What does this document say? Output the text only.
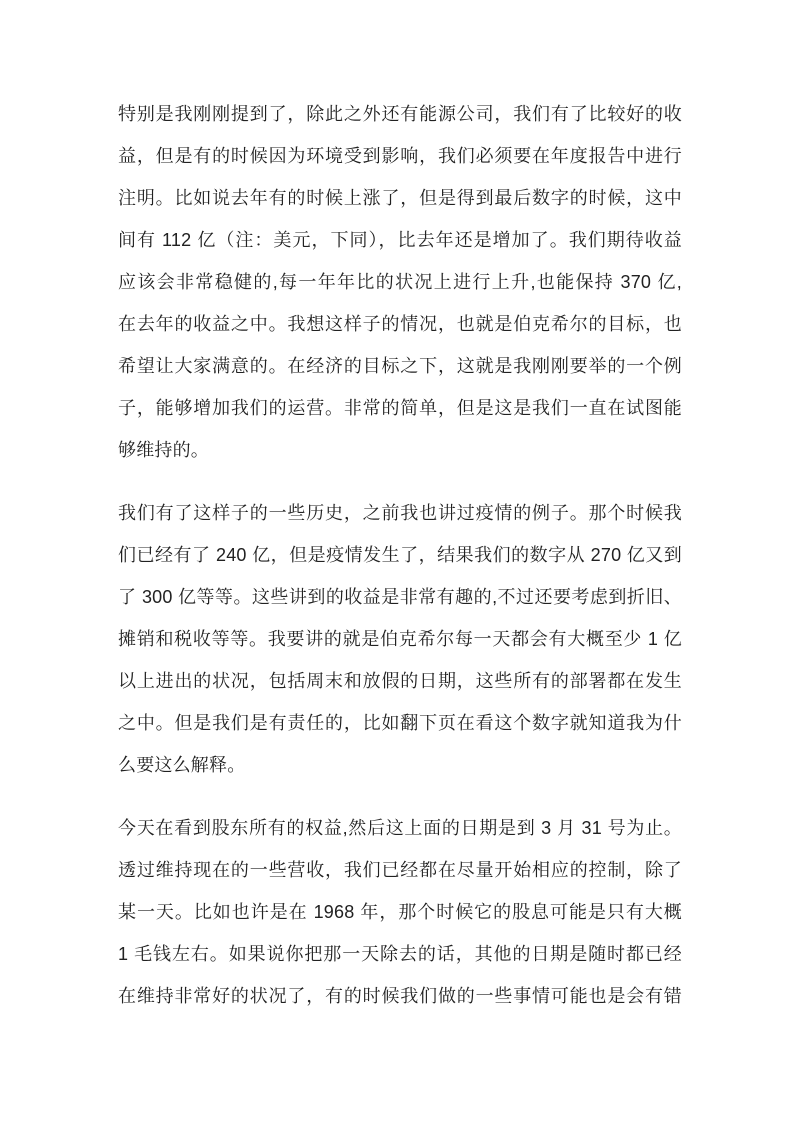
特别是我刚刚提到了，除此之外还有能源公司，我们有了比较好的收
益，但是有的时候因为环境受到影响，我们必须要在年度报告中进行
注明。比如说去年有的时候上涨了，但是得到最后数字的时候，这中
间有 112 亿（注：美元，下同），比去年还是增加了。我们期待收益
应该会非常稳健的,每一年年比的状况上进行上升,也能保持 370 亿,
在去年的收益之中。我想这样子的情况，也就是伯克希尔的目标，也
希望让大家满意的。在经济的目标之下，这就是我刚刚要举的一个例
子，能够增加我们的运营。非常的简单，但是这是我们一直在试图能
够维持的。
我们有了这样子的一些历史，之前我也讲过疫情的例子。那个时候我
们已经有了 240 亿，但是疫情发生了，结果我们的数字从 270 亿又到
了 300 亿等等。这些讲到的收益是非常有趣的,不过还要考虑到折旧、
摊销和税收等等。我要讲的就是伯克希尔每一天都会有大概至少 1 亿
以上进出的状况，包括周末和放假的日期，这些所有的部署都在发生
之中。但是我们是有责任的，比如翻下页在看这个数字就知道我为什
么要这么解释。
今天在看到股东所有的权益,然后这上面的日期是到 3 月 31 号为止。
透过维持现在的一些营收，我们已经都在尽量开始相应的控制，除了
某一天。比如也许是在 1968 年，那个时候它的股息可能是只有大概
1 毛钱左右。如果说你把那一天除去的话，其他的日期是随时都已经
在维持非常好的状况了，有的时候我们做的一些事情可能也是会有错
